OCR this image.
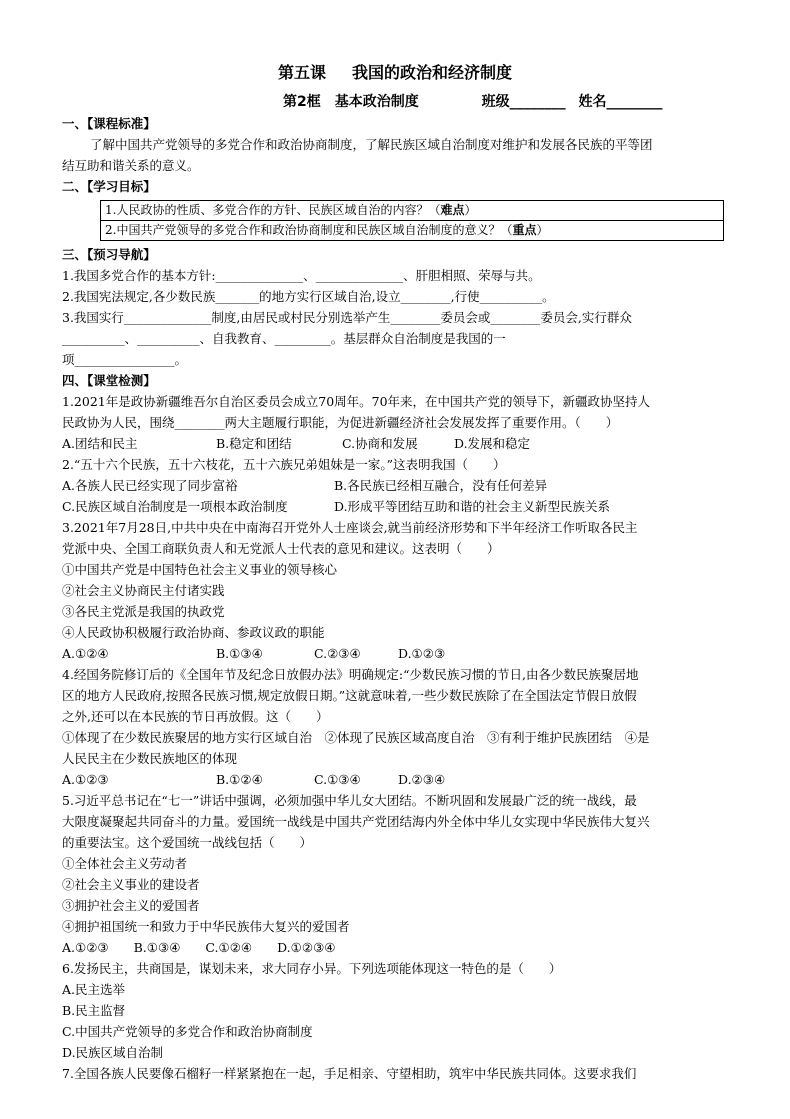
第五课 我国的政治和经济制度
第2框　基本政治制度	班级________ 姓名________
一、【课程标准】
了解中国共产党领导的多党合作和政治协商制度，了解民族区域自治制度对维护和发展各民族的平等团
结互助和谐关系的意义。
二、【学习目标】
1.人民政协的性质、多党合作的方针、民族区域自治的内容？（难点）
2.中国共产党领导的多党合作和政治协商制度和民族区域自治制度的意义？（重点）
三、【预习导航】
1.我国多党合作的基本方针:______________、______________、肝胆相照、荣辱与共。
2.我国宪法规定,各少数民族_______的地方实行区域自治,设立________,行使__________。
3.我国实行______________制度,由居民或村民分别选举产生________委员会或________委员会,实行群众
__________、__________、自我教育、_________。基层群众自治制度是我国的一
项________________。
四、【课堂检测】
1.2021年是政协新疆维吾尔自治区委员会成立70周年。70年来，在中国共产党的领导下，新疆政协坚持人
民政协为人民，围绕________两大主题履行职能，为促进新疆经济社会发展发挥了重要作用。（　　）
A.团结和民主	B.稳定和团结	C.协商和发展	D.发展和稳定
2.“五十六个民族，五十六枝花，五十六族兄弟姐妹是一家。”这表明我国（　　）
A.各族人民已经实现了同步富裕	B.各民族已经相互融合，没有任何差异
C.民族区域自治制度是一项根本政治制度	D.形成平等团结互助和谐的社会主义新型民族关系
3.2021年7月28日,中共中央在中南海召开党外人士座谈会,就当前经济形势和下半年经济工作听取各民主
党派中央、全国工商联负责人和无党派人士代表的意见和建议。这表明（　　）
①中国共产党是中国特色社会主义事业的领导核心
②社会主义协商民主付诸实践
③各民主党派是我国的执政党
④人民政协积极履行政治协商、参政议政的职能
A.①②④	B.①③④	C.②③④	D.①②③
4.经国务院修订后的《全国年节及纪念日放假办法》明确规定:“少数民族习惯的节日,由各少数民族聚居地
区的地方人民政府,按照各民族习惯,规定放假日期。”这就意味着,一些少数民族除了在全国法定节假日放假
之外,还可以在本民族的节日再放假。这（　　）
①体现了在少数民族聚居的地方实行区域自治　②体现了民族区域高度自治　③有利于维护民族团结　④是
人民民主在少数民族地区的体现
A.①②③	B.①②④	C.①③④	D.②③④
5.习近平总书记在“七一”讲话中强调，必须加强中华儿女大团结。不断巩固和发展最广泛的统一战线，最
大限度凝聚起共同奋斗的力量。爱国统一战线是中国共产党团结海内外全体中华儿女实现中华民族伟大复兴
的重要法宝。这个爱国统一战线包括（　　）
①全体社会主义劳动者
②社会主义事业的建设者
③拥护社会主义的爱国者
④拥护祖国统一和致力于中华民族伟大复兴的爱国者
A.①②③　　B.①③④　　C.①②④　　D.①②③④
6.发扬民主，共商国是，谋划未来，求大同存小异。下列选项能体现这一特色的是（　　）
A.民主选举
B.民主监督
C.中国共产党领导的多党合作和政治协商制度
D.民族区域自治制
7.全国各族人民要像石榴籽一样紧紧抱在一起，手足相亲、守望相助，筑牢中华民族共同体。这要求我们
